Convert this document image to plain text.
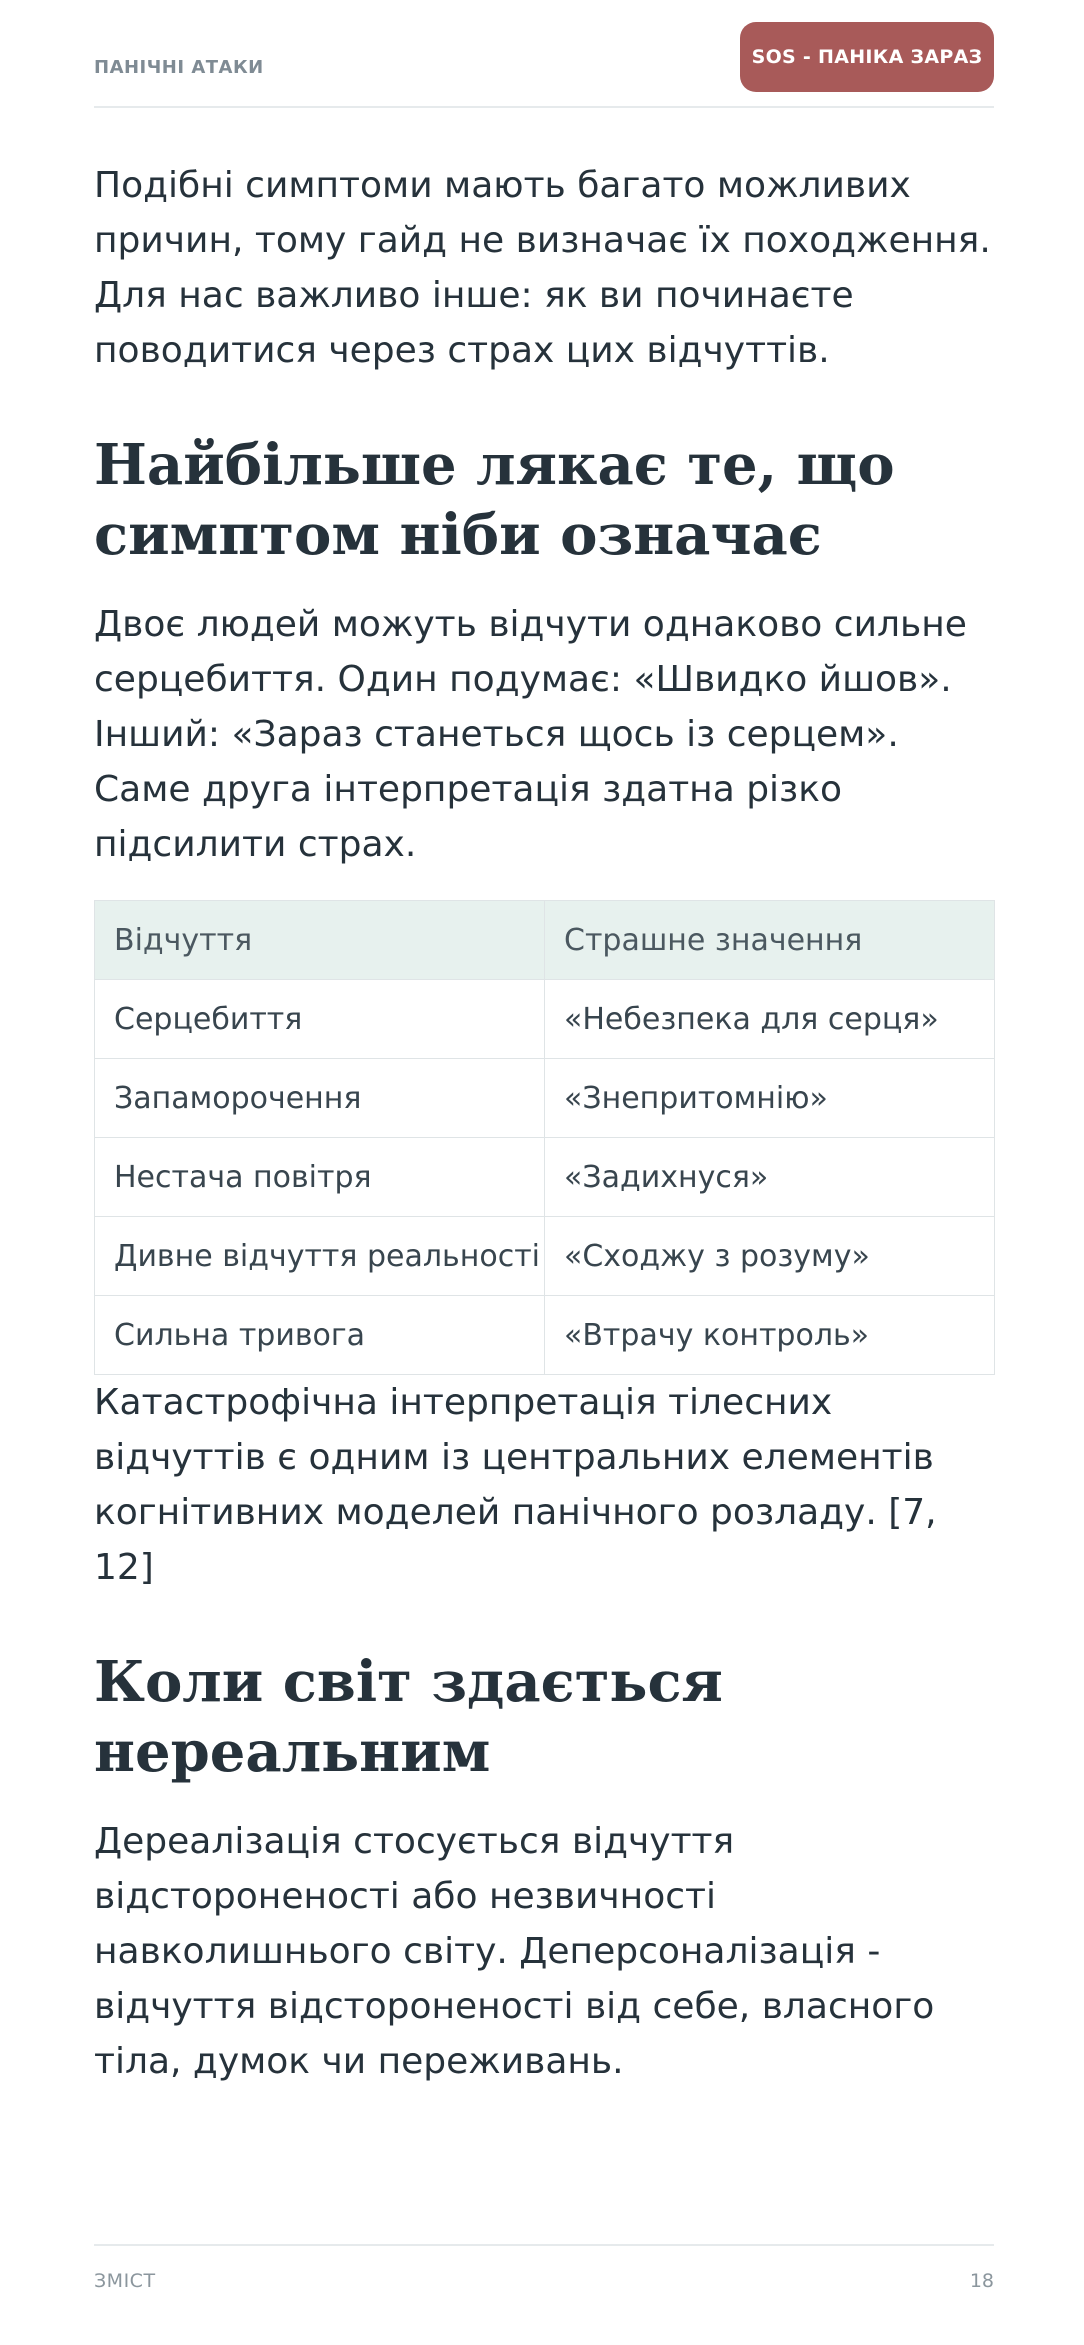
ПАНІЧНІ АТАКИ	SOS - ПАНІКА ЗАРАЗ

Подібні симптоми мають багато можливих причин, тому гайд не визначає їх походження. Для нас важливо інше: як ви починаєте поводитися через страх цих відчуттів.

Найбільше лякає те, що симптом ніби означає

Двоє людей можуть відчути однаково сильне серцебиття. Один подумає: «Швидко йшов». Інший: «Зараз станеться щось із серцем». Саме друга інтерпретація здатна різко підсилити страх.

Відчуття	Страшне значення
Серцебиття	«Небезпека для серця»
Запаморочення	«Знепритомнію»
Нестача повітря	«Задихнуся»
Дивне відчуття реальності	«Сходжу з розуму»
Сильна тривога	«Втрачу контроль»

Катастрофічна інтерпретація тілесних відчуттів є одним із центральних елементів когнітивних моделей панічного розладу. [7, 12]

Коли світ здається нереальним

Дереалізація стосується відчуття відстороненості або незвичності навколишнього світу. Деперсоналізація - відчуття відстороненості від себе, власного тіла, думок чи переживань.

ЗМІСТ	18
